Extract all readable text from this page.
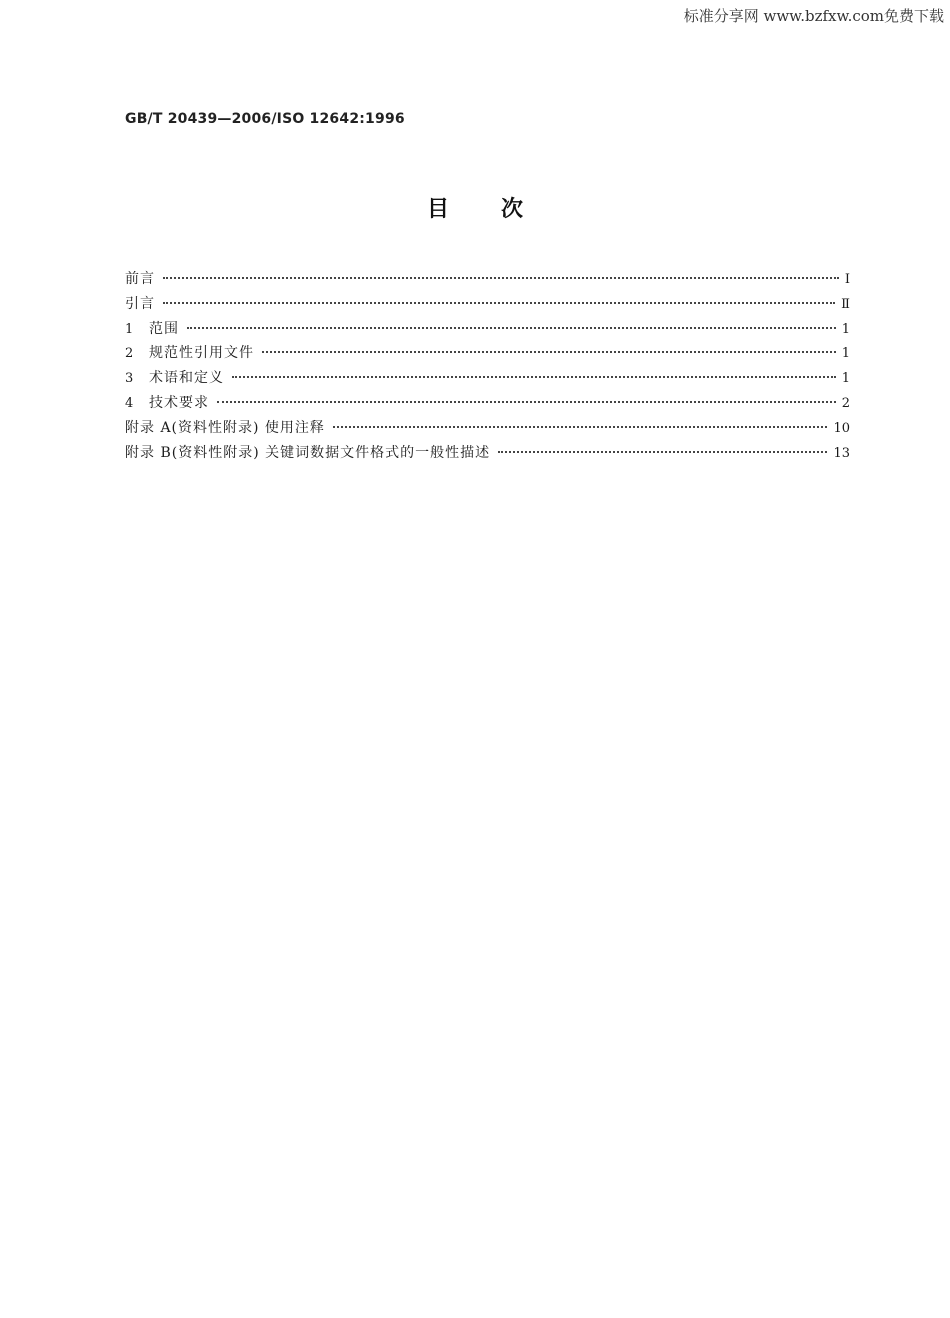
标准分享网 www.bzfxw.com免费下载
GB/T 20439—2006/ISO 12642:1996
目次
前言	Ⅰ
引言	Ⅱ
1	范围	1
2	规范性引用文件	1
3	术语和定义	1
4	技术要求	2
附录 A(资料性附录) 使用注释	10
附录 B(资料性附录) 关键词数据文件格式的一般性描述	13
